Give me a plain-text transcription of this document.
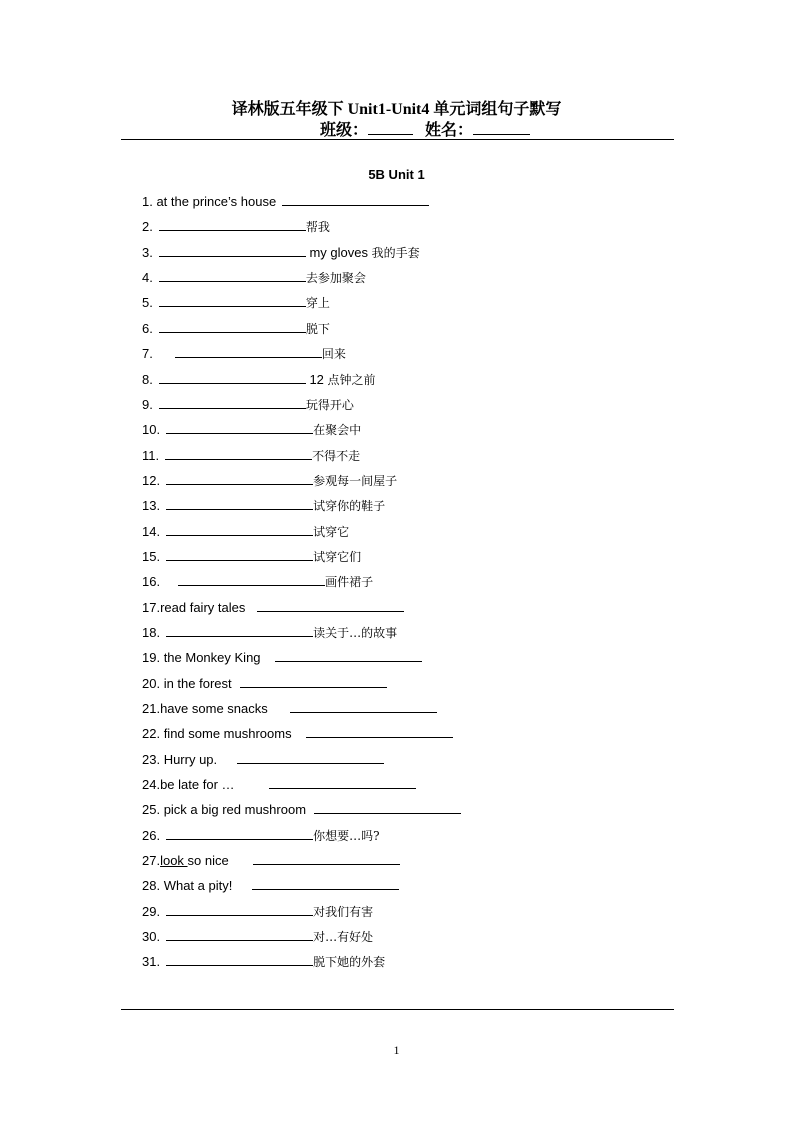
译林版五年级下 Unit1-Unit4 单元词组句子默写
班级：	姓名：
5B Unit 1
1. at the prince’s house
2.	帮我
3.	my gloves 我的手套
4.	去参加聚会
5.	穿上
6.	脱下
7.	回来
8.	12 点钟之前
9.	玩得开心
10.	在聚会中
11.	不得不走
12.	参观每一间屋子
13.	试穿你的鞋子
14.	试穿它
15.	试穿它们
16.	画件裙子
17.read fairy tales
18.	读关于…的故事
19. the Monkey King
20. in the forest
21.have some snacks
22. find some mushrooms
23. Hurry up.
24.be late for …
25. pick a big red mushroom
26.	你想要…吗?
27.look so nice
28. What a pity!
29.	对我们有害
30.	对…有好处
31.	脱下她的外套
1
